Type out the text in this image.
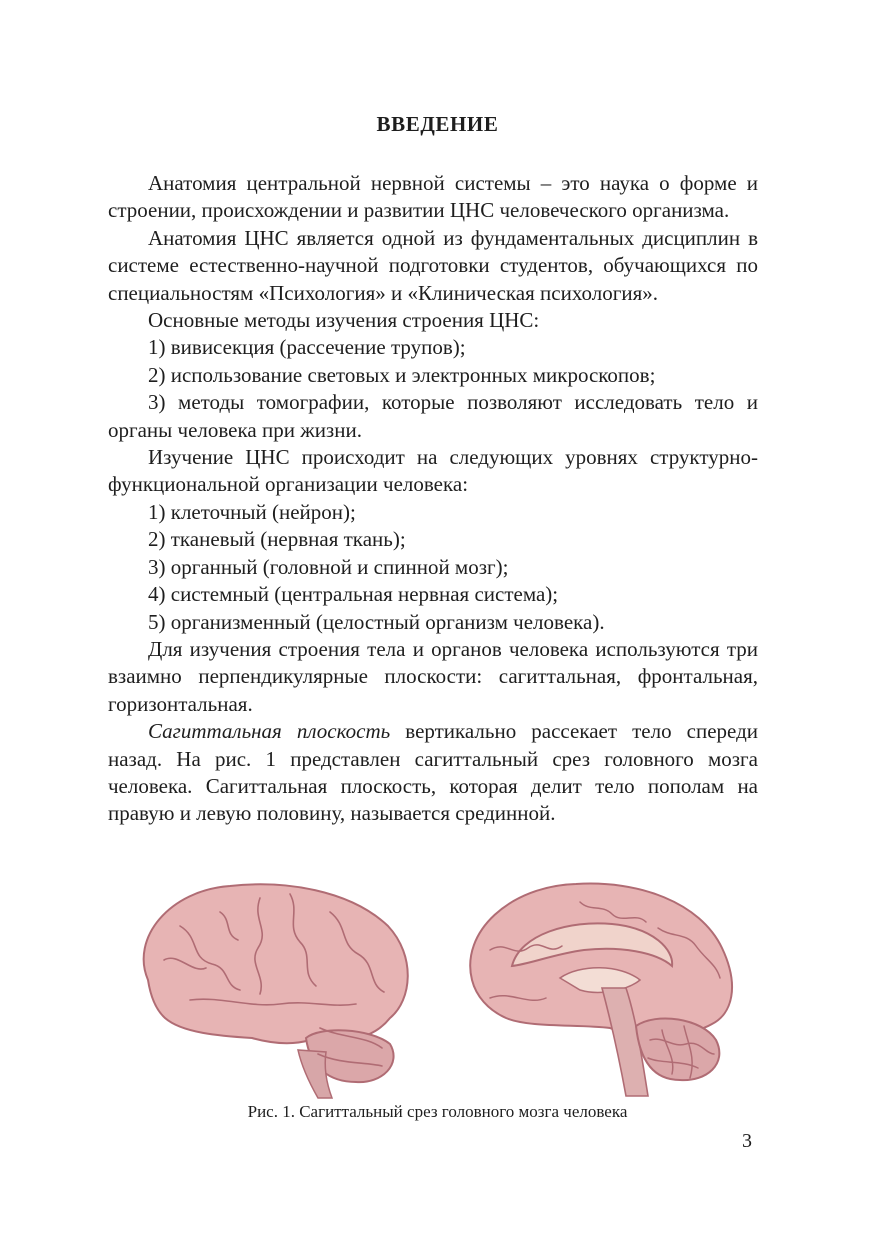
ВВЕДЕНИЕ

Анатомия центральной нервной системы – это наука о форме и строении, происхождении и развитии ЦНС человеческого организма.

Анатомия ЦНС является одной из фундаментальных дисциплин в системе естественно-научной подготовки студентов, обучающихся по специальностям «Психология» и «Клиническая психология».

Основные методы изучения строения ЦНС:

1) вивисекция (рассечение трупов);

2) использование световых и электронных микроскопов;

3) методы томографии, которые позволяют исследовать тело и органы человека при жизни.

Изучение ЦНС происходит на следующих уровнях структурно-функциональной организации человека:

1) клеточный (нейрон);

2) тканевый (нервная ткань);

3) органный (головной и спинной мозг);

4) системный (центральная нервная система);

5) организменный (целостный организм человека).

Для изучения строения тела и органов человека используются три взаимно перпендикулярные плоскости: сагиттальная, фронтальная, горизонтальная.

Сагиттальная плоскость вертикально рассекает тело спереди назад. На рис. 1 представлен сагиттальный срез головного мозга человека. Сагиттальная плоскость, которая делит тело пополам на правую и левую половину, называется срединной.

Рис. 1. Сагиттальный срез головного мозга человека
3
